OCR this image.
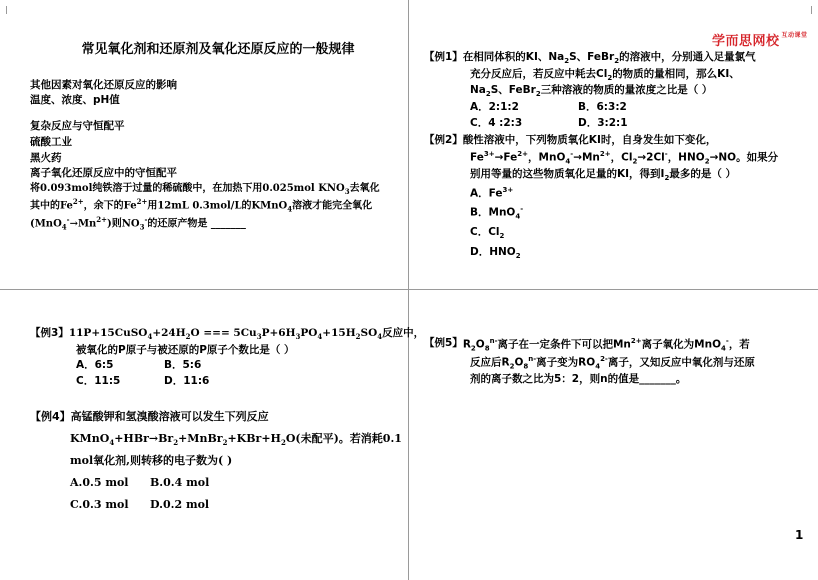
学而思网校 $^{互动课堂}$
常见氧化剂和还原剂及氧化还原反应的一般规律
其他因素对氧化还原反应的影响
温度、浓度、pH值
复杂反应与守恒配平
硫酸工业
黑火药
离子氧化还原反应中的守恒配平
将0.093mol纯铁溶于过量的稀硫酸中，在加热下用0.025mol $KNO_3$去氧化
其中的$Fe^{2+}$，余下的$Fe^{2+}$用12mL 0.3mol/L的KMnO$_4$溶液才能完全氧化
$(MnO_4^-\to Mn^{2+})$则$NO_3^-$的还原产物是 _______
【例1】 在相同体积的KI、$Na_2S$、FeBr$_2$的溶液中，分别通入足量氯气
充分反应后，若反应中耗去$Cl_2$的物质的量相同，那么KI、
$Na_2S$、FeBr$_2$三种溶液的物质的量浓度之比是（ ）
A．2:1:2	B．6:3:2
C．4 :2:3	D．3:2:1
【例2】 酸性溶液中，下列物质氧化KI时，自身发生如下变化，
$Fe^{3+}\to Fe^{2+}$，$MnO_4^-\to Mn^{2+}$，$Cl_2\to 2Cl^-$，$HNO_2\to NO$。如果分
别用等量的这些物质氧化足量的KI，得到$I_2$最多的是（ ）
A．$Fe^{3+}$
B．MnO$_4$-
C．$Cl_2$
D．$HNO_2$
【例3】 $11P+15CuSO_4+24H_2O$ === $5Cu_3P+6H_3PO_4+15H_2SO_4$反应中，
被氧化的P原子与被还原的P原子个数比是（ ）
A．6:5	B．5:6
C．11:5	D．11:6
【例4】 高锰酸钾和氢溴酸溶液可以发生下列反应
$KMnO_4+HBr\to Br_2+MnBr_2+KBr+H_2O$(未配平)。若消耗0.1
mol氧化剂,则转移的电子数为( )
A.0.5 mol	B.0.4 mol
C.0.3 mol	D.0.2 mol
【例5】 $R_2O_8^{n-}$离子在一定条件下可以把$Mn^{2+}$离子氧化为MnO$_4$-，若
反应后$R_2O_8^{n-}$离子变为$RO_4^{2-}$离子，又知反应中氧化剂与还原
剂的离子数之比为5：2，则n的值是_______。
1
